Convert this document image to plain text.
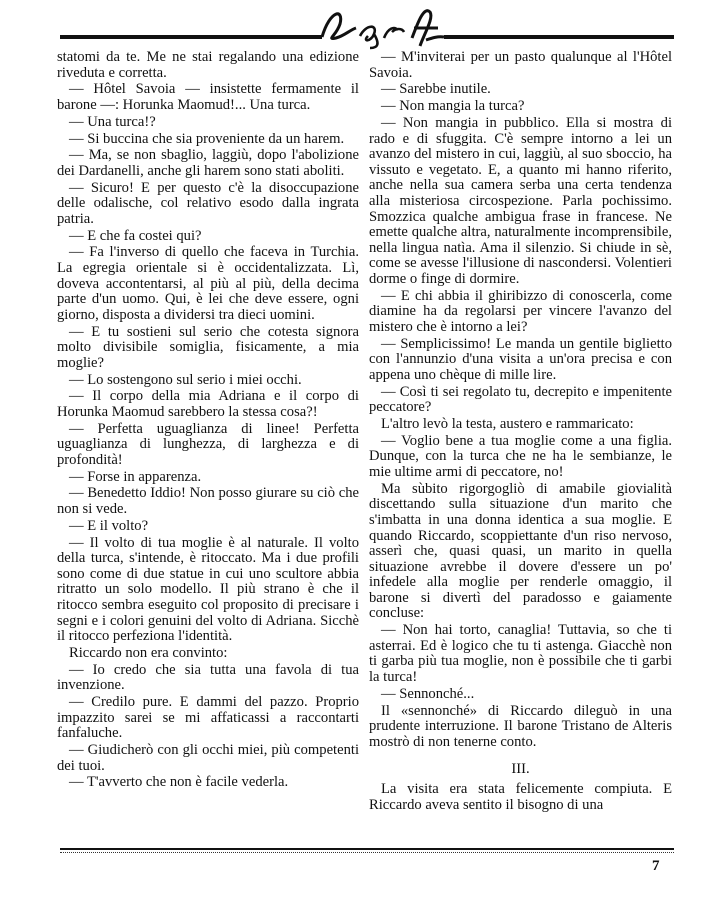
statomi da te. Me ne stai regalando una edizione riveduta e corretta.

— Hôtel Savoia — insistette fermamente il barone —: Horunka Maomud!... Una turca.

— Una turca!?

— Si buccina che sia proveniente da un harem.

— Ma, se non sbaglio, laggiù, dopo l'abolizione dei Dardanelli, anche gli harem sono stati aboliti.

— Sicuro! E per questo c'è la disoccupazione delle odalische, col relativo esodo dalla ingrata patria.

— E che fa costei qui?

— Fa l'inverso di quello che faceva in Turchia. La egregia orientale si è occidentalizzata. Lì, doveva accontentarsi, al più al più, della decima parte d'un uomo. Qui, è lei che deve essere, ogni giorno, disposta a dividersi tra dieci uomini.

— E tu sostieni sul serio che cotesta signora molto divisibile somiglia, fisicamente, a mia moglie?

— Lo sostengono sul serio i miei occhi.

— Il corpo della mia Adriana e il corpo di Horunka Maomud sarebbero la stessa cosa?!

— Perfetta uguaglianza di linee! Perfetta uguaglianza di lunghezza, di larghezza e di profondità!

— Forse in apparenza.

— Benedetto Iddio! Non posso giurare su ciò che non si vede.

— E il volto?

— Il volto di tua moglie è al naturale. Il volto della turca, s'intende, è ritoccato. Ma i due profili sono come di due statue in cui uno scultore abbia ritratto un solo modello. Il più strano è che il ritocco sembra eseguito col proposito di precisare i segni e i colori genuini del volto di Adriana. Sicchè il ritocco perfeziona l'identità.

Riccardo non era convinto:

— Io credo che sia tutta una favola di tua invenzione.

— Credilo pure. E dammi del pazzo. Proprio impazzito sarei se mi affaticassi a raccontarti fanfaluche.

— Giudicherò con gli occhi miei, più competenti dei tuoi.

— T'avverto che non è facile vederla.

— M'inviterai per un pasto qualunque al l'Hôtel Savoia.

— Sarebbe inutile.

— Non mangia la turca?

— Non mangia in pubblico. Ella si mostra di rado e di sfuggita. C'è sempre intorno a lei un avanzo del mistero in cui, laggiù, al suo sboccio, ha vissuto e vegetato. E, a quanto mi hanno riferito, anche nella sua camera serba una certa tendenza alla misteriosa circospezione. Parla pochissimo. Smozzica qualche ambigua frase in francese. Ne emette qualche altra, naturalmente incomprensibile, nella lingua natìa. Ama il silenzio. Si chiude in sè, come se avesse l'illusione di nascondersi. Volentieri dorme o finge di dormire.

— E chi abbia il ghiribizzo di conoscerla, come diamine ha da regolarsi per vincere l'avanzo del mistero che è intorno a lei?

— Semplicissimo! Le manda un gentile biglietto con l'annunzio d'una visita a un'ora precisa e con appena uno chèque di mille lire.

— Così ti sei regolato tu, decrepito e impenitente peccatore?

L'altro levò la testa, austero e rammaricato:

— Voglio bene a tua moglie come a una figlia. Dunque, con la turca che ne ha le sembianze, le mie ultime armi di peccatore, no!

Ma sùbito rigorgogliò di amabile giovialità discettando sulla situazione d'un marito che s'imbatta in una donna identica a sua moglie. E quando Riccardo, scoppiettante d'un riso nervoso, asserì che, quasi quasi, un marito in quella situazione avrebbe il dovere d'essere un po' infedele alla moglie per renderle omaggio, il barone si divertì del paradosso e gaiamente concluse:

— Non hai torto, canaglia! Tuttavia, so che ti asterrai. Ed è logico che tu ti astenga. Giacchè non ti garba più tua moglie, non è possibile che ti garbi la turca!

— Sennonché...

Il «sennonché» di Riccardo dileguò in una prudente interruzione. Il barone Tristano de Alteris mostrò di non tenerne conto.

III.

La visita era stata felicemente compiuta. E Riccardo aveva sentito il bisogno di una

7
